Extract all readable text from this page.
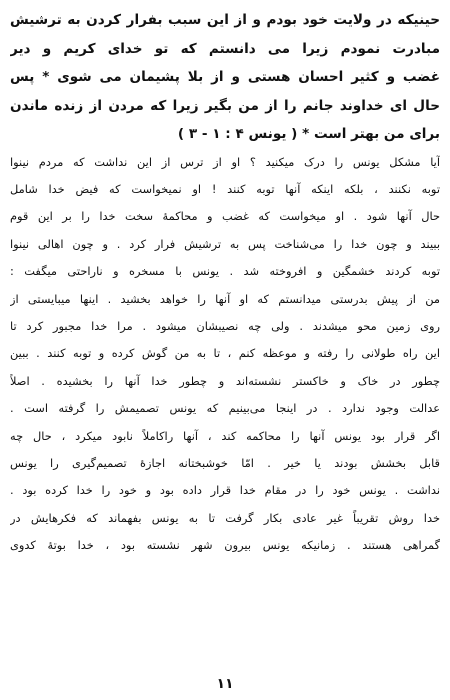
حینیکه در ولایت خود بودم و از این سبب بفرار کردن به ترشیش
مبادرت نمودم زیرا می دانستم که تو خدای کریم و دیر
غضب و کثیر احسان هستی و از بلا پشیمان می شوی * پس
حال ای خداوند جانم را از من بگیر زیرا که مردن از زنده ماندن
برای من بهتر است * ( یونس ۴ : ۱ - ۳ )
آیا مشکل یونس را درک میکنید ؟ او از ترس از این نداشت که مردم نینوا
توبه نکنند ، بلکه اینکه آنها توبه کنند ! او نمیخواست که فیض خدا شامل
حال آنها شود . او میخواست که غضب و محاکمهٔ سخت خدا را بر این قوم
ببیند و چون خدا را می‌شناخت پس به ترشیش فرار کرد . و چون اهالی نینوا
توبه کردند خشمگین و افروخته شد . یونس با مسخره و ناراحتی میگفت :
من از پیش بدرستی میدانستم که او آنها را خواهد بخشید . اینها میبایستی از
روی زمین محو میشدند . ولی چه نصیبشان میشود . مرا خدا مجبور کرد تا
این راه طولانی را رفته و موعظه کنم ، تا به من گوش کرده و توبه کنند . ببین
چطور در خاک و خاکستر نشسته‌اند و چطور خدا آنها را بخشیده . اصلاً
عدالت وجود ندارد . در اینجا می‌بینیم که یونس تصمیمش را گرفته است .
اگر قرار بود یونس آنها را محاکمه کند ، آنها راکاملاً نابود میکرد ، حال چه
قابل بخشش بودند یا خیر . امّا خوشبختانه اجازهٔ تصمیم‌گیری را یونس
نداشت . یونس خود را در مقام خدا قرار داده بود و خود را خدا کرده بود .
خدا روش تقریباً غیر عادی بکار گرفت تا به یونس بفهماند که فکرهایش در
گمراهی هستند . زمانیکه یونس بیرون شهر نشسته بود ، خدا بوتهٔ کدوی
۱۱
